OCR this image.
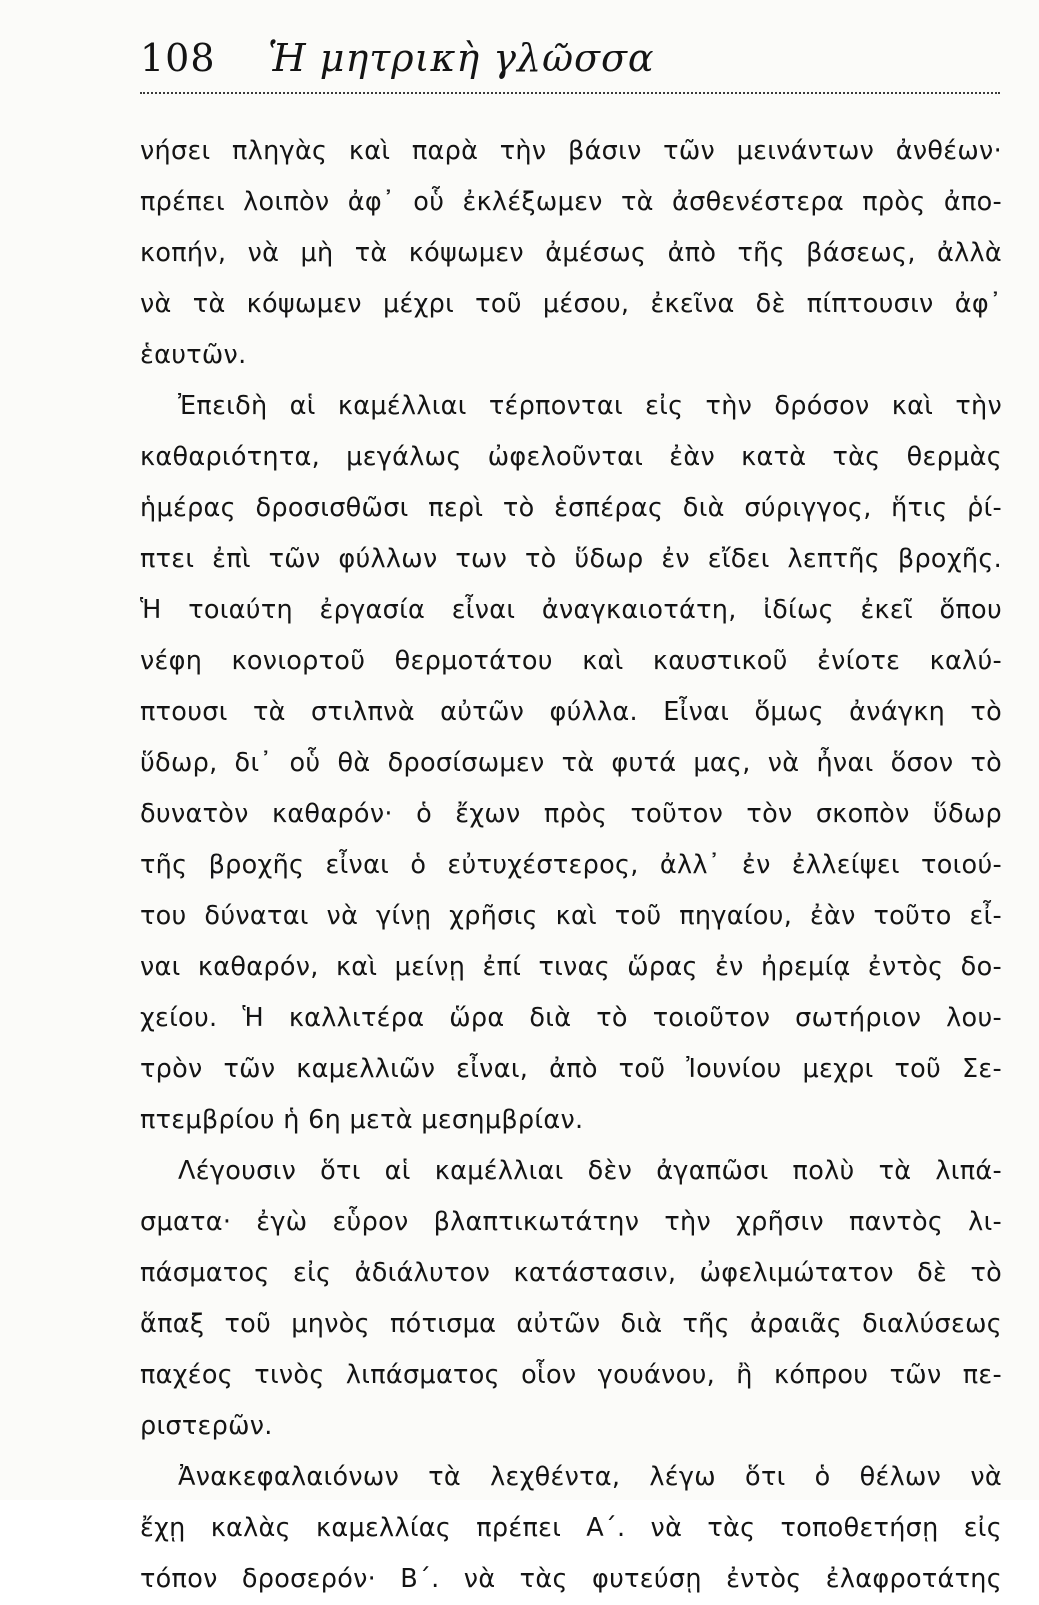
108 Ἡ μητρικὴ γλῶσσα
νήσει πληγὰς καὶ παρὰ τὴν βάσιν τῶν μεινάντων ἀνθέων·
πρέπει λοιπὸν ἀφ᾽ οὗ ἐκλέξωμεν τὰ ἀσθενέστερα πρὸς ἀπο-
κοπήν, νὰ μὴ τὰ κόψωμεν ἀμέσως ἀπὸ τῆς βάσεως, ἀλλὰ
νὰ τὰ κόψωμεν μέχρι τοῦ μέσου, ἐκεῖνα δὲ πίπτουσιν ἀφ᾽
ἑαυτῶν.
Ἐπειδὴ αἱ καμέλλιαι τέρπονται εἰς τὴν δρόσον καὶ τὴν
καθαριότητα, μεγάλως ὠφελοῦνται ἐὰν κατὰ τὰς θερμὰς
ἡμέρας δροσισθῶσι περὶ τὸ ἑσπέρας διὰ σύριγγος, ἥτις ῥί-
πτει ἐπὶ τῶν φύλλων των τὸ ὕδωρ ἐν εἴδει λεπτῆς βροχῆς.
Ἡ τοιαύτη ἐργασία εἶναι ἀναγκαιοτάτη, ἰδίως ἐκεῖ ὅπου
νέφη κονιορτοῦ θερμοτάτου καὶ καυστικοῦ ἐνίοτε καλύ-
πτουσι τὰ στιλπνὰ αὐτῶν φύλλα. Εἶναι ὅμως ἀνάγκη τὸ
ὕδωρ, δι᾽ οὗ θὰ δροσίσωμεν τὰ φυτά μας, νὰ ἦναι ὅσον τὸ
δυνατὸν καθαρόν· ὁ ἔχων πρὸς τοῦτον τὸν σκοπὸν ὕδωρ
τῆς βροχῆς εἶναι ὁ εὐτυχέστερος, ἀλλ᾽ ἐν ἐλλείψει τοιού-
του δύναται νὰ γίνῃ χρῆσις καὶ τοῦ πηγαίου, ἐὰν τοῦτο εἶ-
ναι καθαρόν, καὶ μείνῃ ἐπί τινας ὥρας ἐν ἠρεμίᾳ ἐντὸς δο-
χείου. Ἡ καλλιτέρα ὥρα διὰ τὸ τοιοῦτον σωτήριον λου-
τρὸν τῶν καμελλιῶν εἶναι, ἀπὸ τοῦ Ἰουνίου μεχρι τοῦ Σε-
πτεμβρίου ἡ 6η μετὰ μεσημβρίαν.
Λέγουσιν ὅτι αἱ καμέλλιαι δὲν ἀγαπῶσι πολὺ τὰ λιπά-
σματα· ἐγὼ εὗρον βλαπτικωτάτην τὴν χρῆσιν παντὸς λι-
πάσματος εἰς ἀδιάλυτον κατάστασιν, ὠφελιμώτατον δὲ τὸ
ἅπαξ τοῦ μηνὸς πότισμα αὐτῶν διὰ τῆς ἀραιᾶς διαλύσεως
παχέος τινὸς λιπάσματος οἷον γουάνου, ἢ κόπρου τῶν πε-
ριστερῶν.
Ἀνακεφαλαιόνων τὰ λεχθέντα, λέγω ὅτι ὁ θέλων νὰ
ἔχῃ καλὰς καμελλίας πρέπει Α΄. νὰ τὰς τοποθετήσῃ εἰς
τόπον δροσερόν· Β΄. νὰ τὰς φυτεύσῃ ἐντὸς ἐλαφροτάτης
